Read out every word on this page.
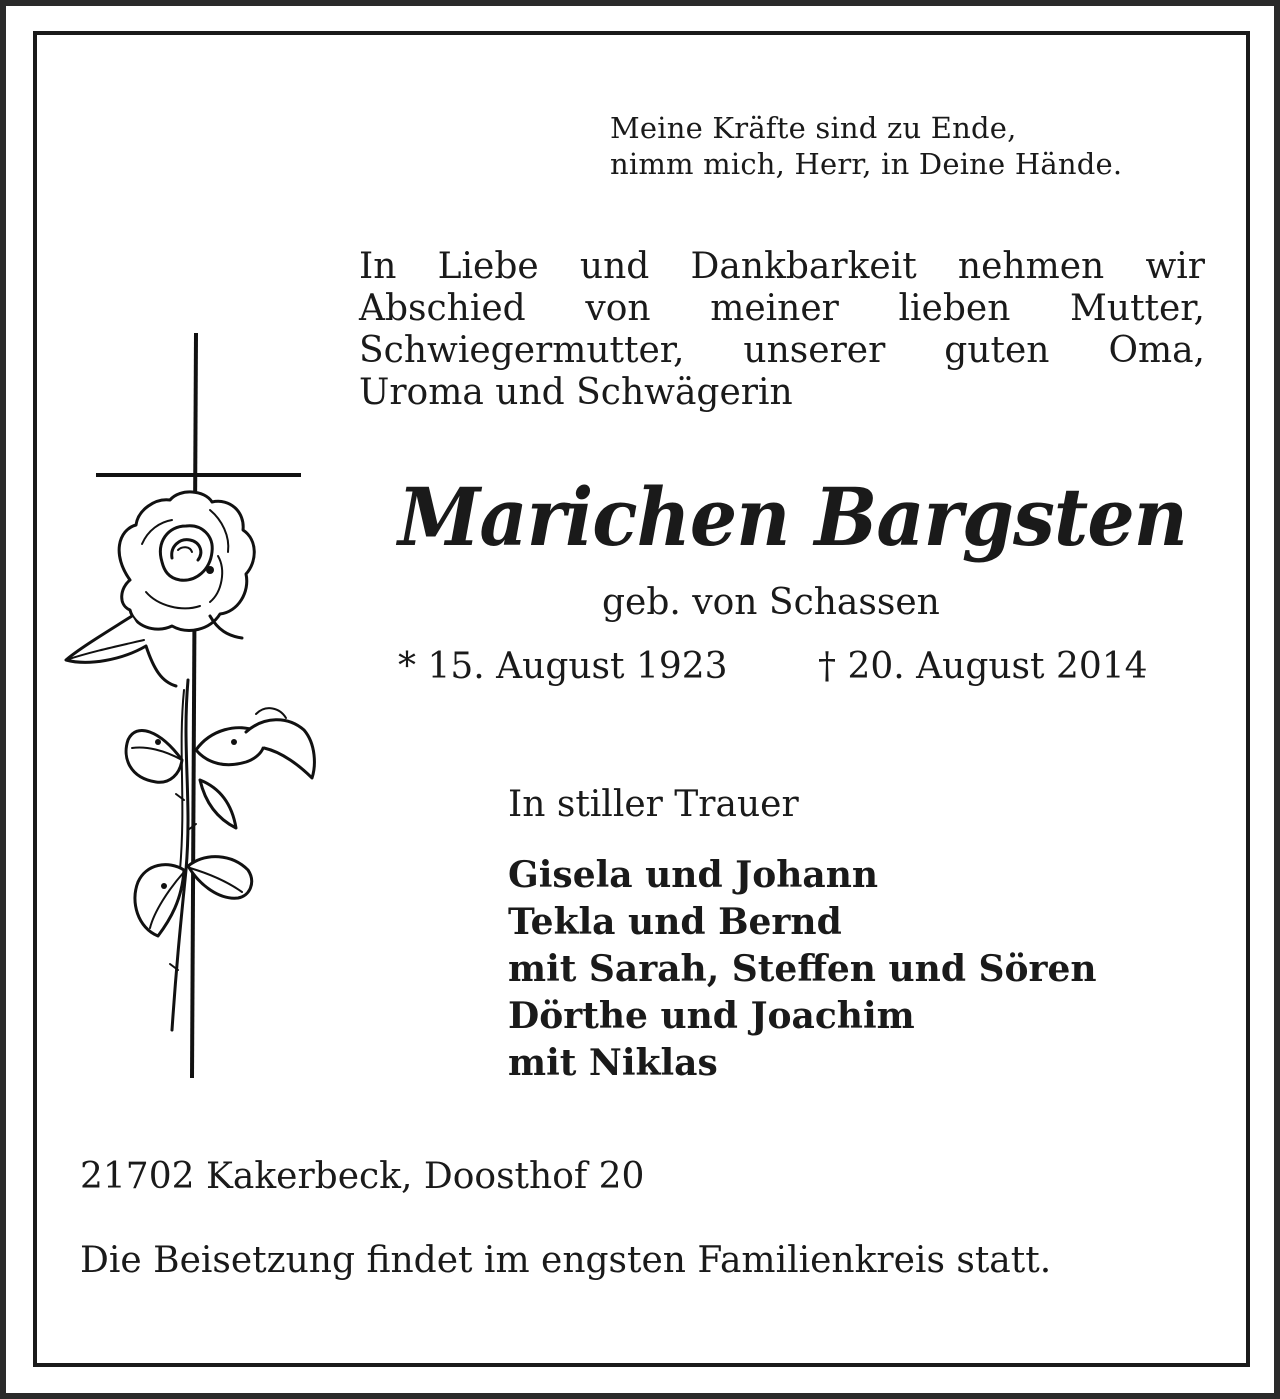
Meine Kräfte sind zu Ende,
nimm mich, Herr, in Deine Hände.
In Liebe und Dankbarkeit nehmen wir
Abschied von meiner lieben Mutter,
Schwiegermutter, unserer guten Oma,
Uroma und Schwägerin
Marichen Bargsten
geb. von Schassen
* 15. August 1923	† 20. August 2014
In stiller Trauer
Gisela und Johann
Tekla und Bernd
mit Sarah, Steffen und Sören
Dörthe und Joachim
mit Niklas
21702 Kakerbeck, Doosthof 20
Die Beisetzung findet im engsten Familienkreis statt.
